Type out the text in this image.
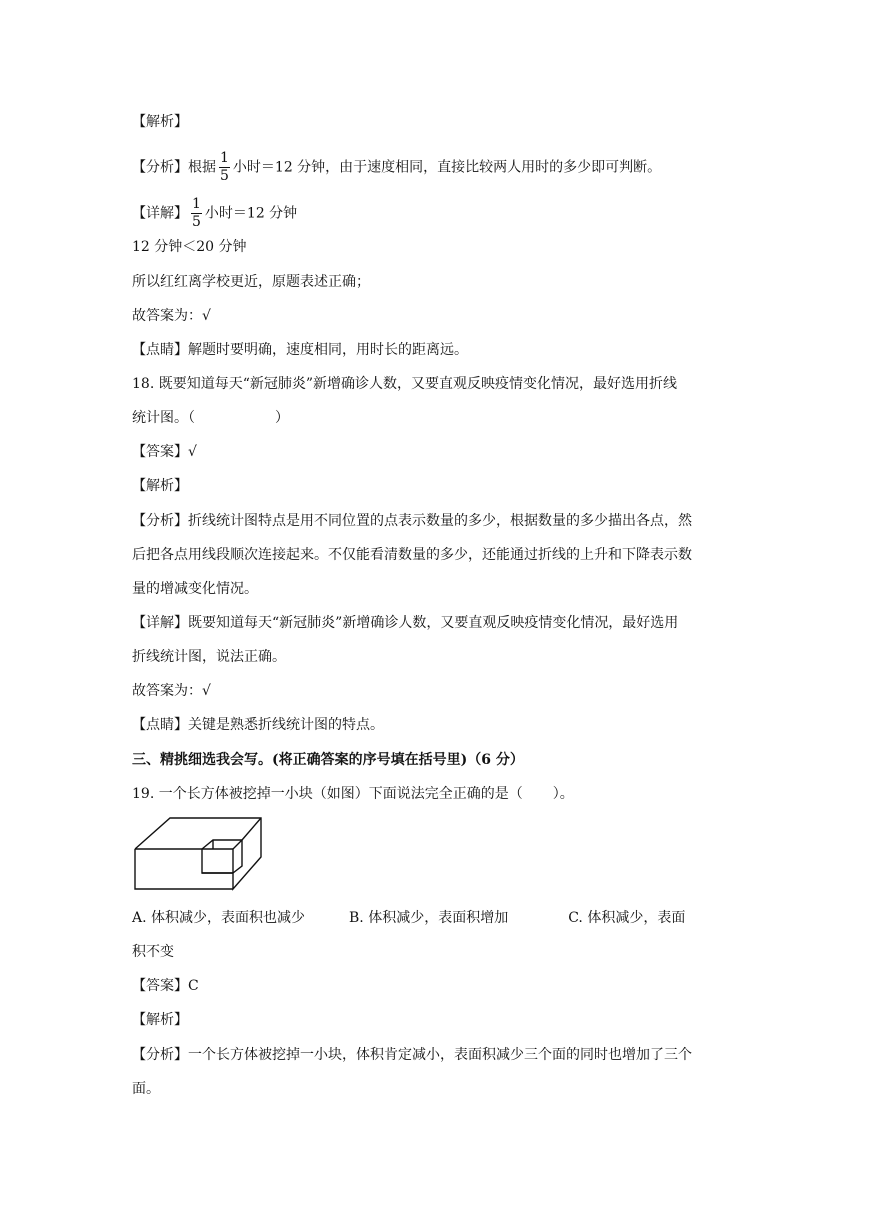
【解析】
【分析】根据 $\frac{1}{5}$ 小时＝12 分钟，由于速度相同，直接比较两人用时的多少即可判断。
【详解】 $\frac{1}{5}$ 小时＝12 分钟
12 分钟＜20 分钟
所以红红离学校更近，原题表述正确；
故答案为：√
【点睛】解题时要明确，速度相同，用时长的距离远。
18. 既要知道每天“新冠肺炎”新增确诊人数，又要直观反映疫情变化情况，最好选用折线
统计图。（	）
【答案】√
【解析】
【分析】折线统计图特点是用不同位置的点表示数量的多少，根据数量的多少描出各点，然
后把各点用线段顺次连接起来。不仅能看清数量的多少，还能通过折线的上升和下降表示数
量的增减变化情况。
【详解】既要知道每天“新冠肺炎”新增确诊人数，又要直观反映疫情变化情况，最好选用
折线统计图，说法正确。
故答案为：√
【点睛】关键是熟悉折线统计图的特点。
三、精挑细选我会写。(将正确答案的序号填在括号里)（6 分）
19. 一个长方体被挖掉一小块（如图）下面说法完全正确的是（ ）。
A. 体积减少，表面积也减少	B. 体积减少，表面积增加	C. 体积减少，表面
积不变
【答案】C
【解析】
【分析】一个长方体被挖掉一小块，体积肯定减小，表面积减少三个面的同时也增加了三个
面。
